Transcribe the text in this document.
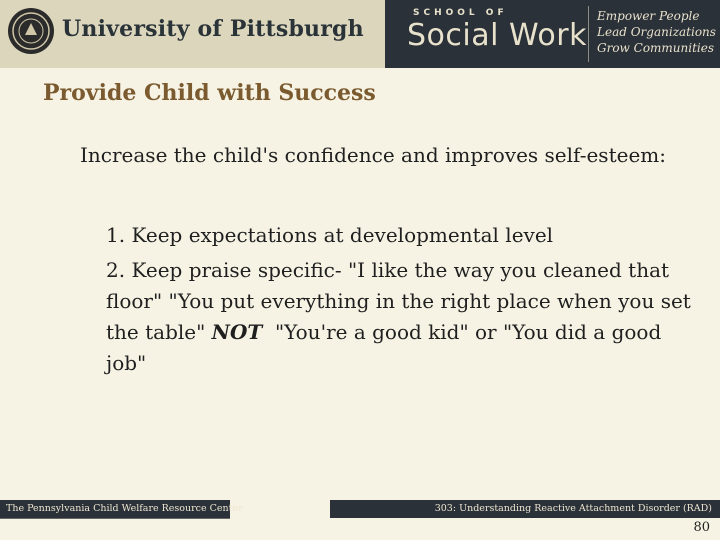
University of Pittsburgh
SCHOOL OF
Social Work
Empower People
Lead Organizations
Grow Communities
Provide Child with Success
Increase the child's confidence and improves self-esteem:
1. Keep expectations at developmental level
2. Keep praise specific- "I like the way you cleaned that floor" "You put everything in the right place when you set the table" NOT  "You're a good kid" or "You did a good job"
The Pennsylvania Child Welfare Resource Center	303: Understanding Reactive Attachment Disorder (RAD)
80
